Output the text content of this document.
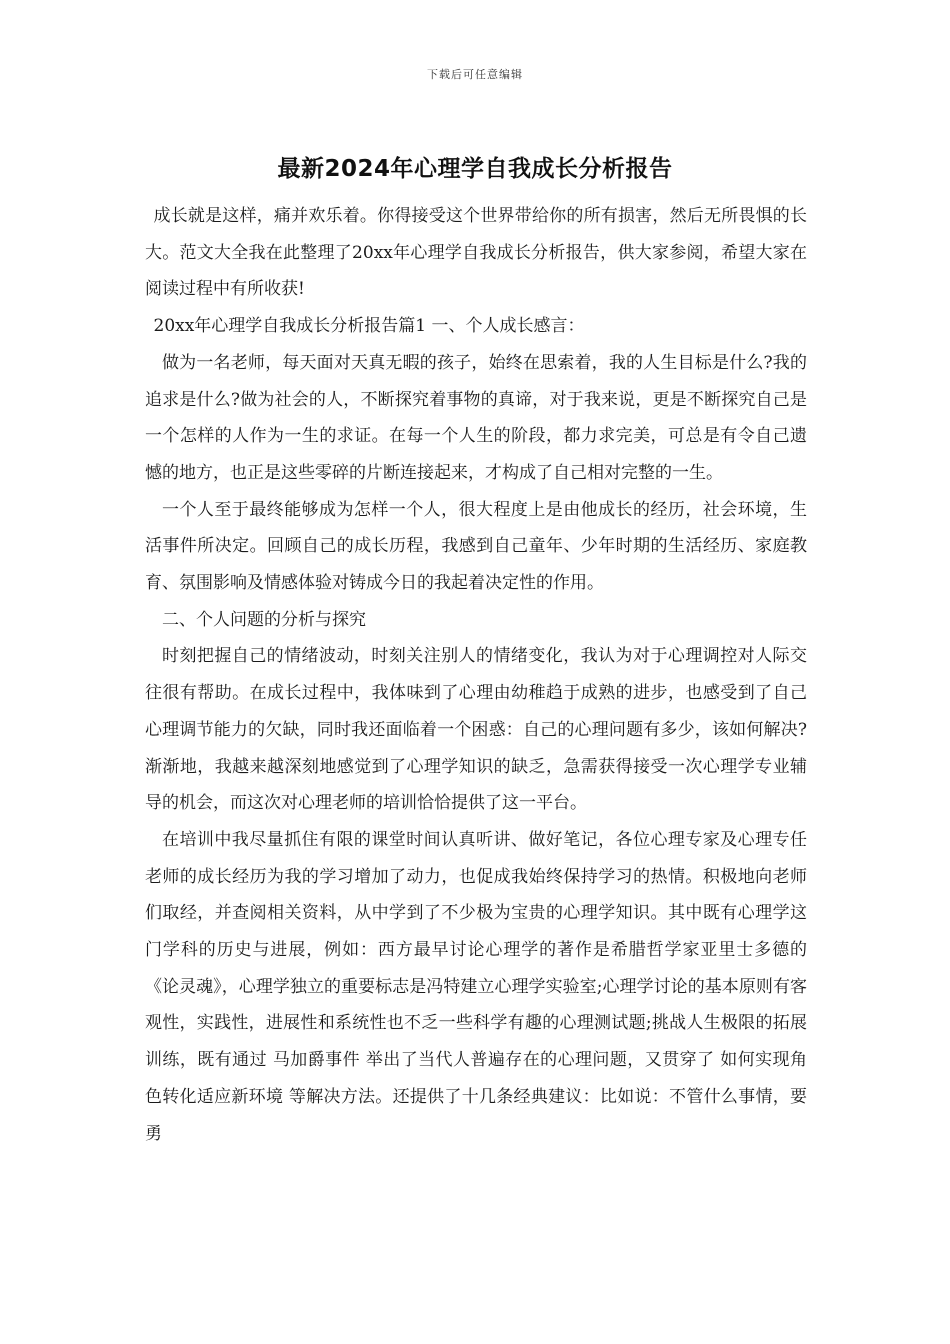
下载后可任意编辑
最新2024年心理学自我成长分析报告

成长就是这样，痛并欢乐着。你得接受这个世界带给你的所有损害，然后无所畏惧的长大。范文大全我在此整理了20xx年心理学自我成长分析报告，供大家参阅，希望大家在阅读过程中有所收获!

20xx年心理学自我成长分析报告篇1 一、个人成长感言：

做为一名老师，每天面对天真无暇的孩子，始终在思索着，我的人生目标是什么?我的追求是什么?做为社会的人，不断探究着事物的真谛，对于我来说，更是不断探究自己是一个怎样的人作为一生的求证。在每一个人生的阶段，都力求完美，可总是有令自己遗憾的地方，也正是这些零碎的片断连接起来，才构成了自己相对完整的一生。

一个人至于最终能够成为怎样一个人，很大程度上是由他成长的经历，社会环境，生活事件所决定。回顾自己的成长历程，我感到自己童年、少年时期的生活经历、家庭教育、氛围影响及情感体验对铸成今日的我起着决定性的作用。

二、个人问题的分析与探究

时刻把握自己的情绪波动，时刻关注别人的情绪变化，我认为对于心理调控对人际交往很有帮助。在成长过程中，我体味到了心理由幼稚趋于成熟的进步，也感受到了自己心理调节能力的欠缺，同时我还面临着一个困惑：自己的心理问题有多少，该如何解决?渐渐地，我越来越深刻地感觉到了心理学知识的缺乏，急需获得接受一次心理学专业辅导的机会，而这次对心理老师的培训恰恰提供了这一平台。

在培训中我尽量抓住有限的课堂时间认真听讲、做好笔记，各位心理专家及心理专任老师的成长经历为我的学习增加了动力，也促成我始终保持学习的热情。积极地向老师们取经，并查阅相关资料，从中学到了不少极为宝贵的心理学知识。其中既有心理学这门学科的历史与进展，例如：西方最早讨论心理学的著作是希腊哲学家亚里士多德的《论灵魂》，心理学独立的重要标志是冯特建立心理学实验室;心理学讨论的基本原则有客观性，实践性，进展性和系统性也不乏一些科学有趣的心理测试题;挑战人生极限的拓展训练，既有通过 马加爵事件 举出了当代人普遍存在的心理问题，又贯穿了 如何实现角色转化适应新环境 等解决方法。还提供了十几条经典建议：比如说：不管什么事情，要勇
